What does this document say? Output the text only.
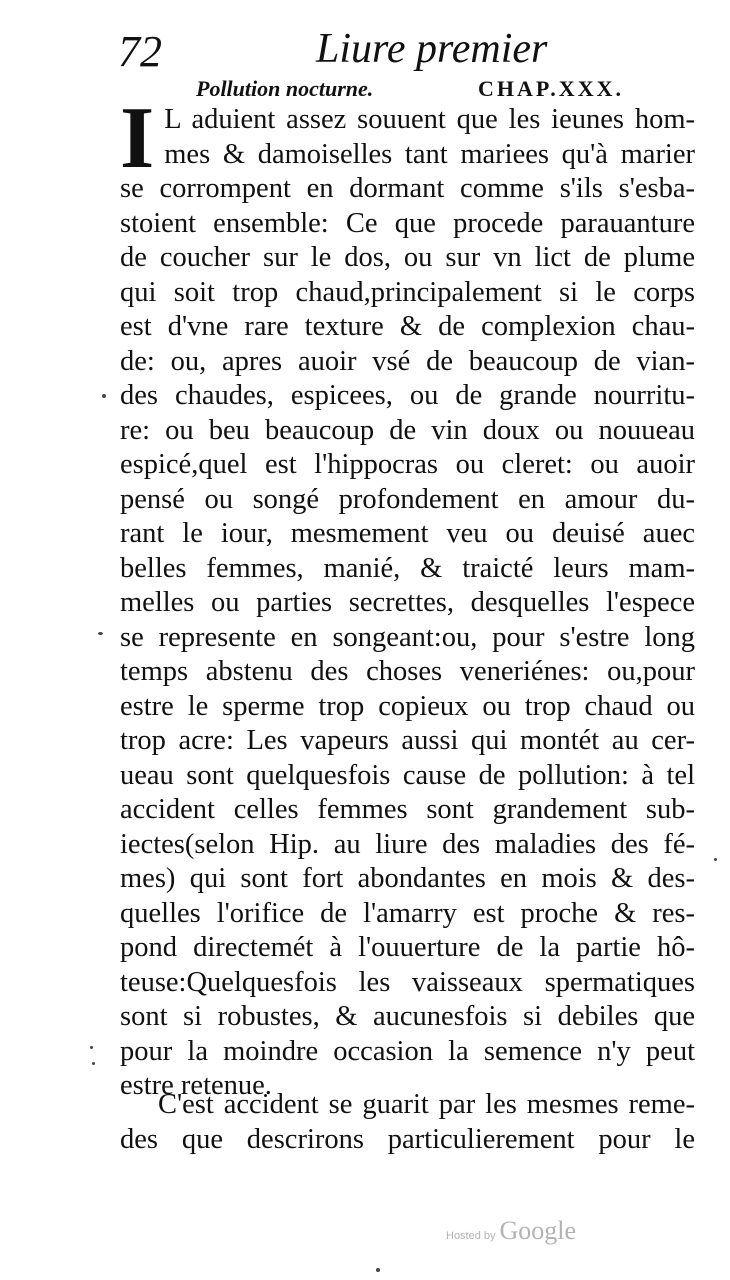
72	Liure premier
Pollution nocturne.	CHAP.XXX.
I L aduient assez souuent que les ieunes hom-
mes & damoiselles tant mariees qu'à marier
se corrompent en dormant comme s'ils s'esba-
stoient ensemble: Ce que procede parauanture
de coucher sur le dos, ou sur vn lict de plume
qui soit trop chaud,principalement si le corps
est d'vne rare texture & de complexion chau-
de: ou, apres auoir vsé de beaucoup de vian-
des chaudes, espicees, ou de grande nourritu-
re: ou beu beaucoup de vin doux ou nouueau
espicé,quel est l'hippocras ou cleret: ou auoir
pensé ou songé profondement en amour du-
rant le iour, mesmement veu ou deuisé auec
belles femmes, manié, & traicté leurs mam-
melles ou parties secrettes, desquelles l'espece
se represente en songeant:ou, pour s'estre long
temps abstenu des choses veneriénes: ou,pour
estre le sperme trop copieux ou trop chaud ou
trop acre: Les vapeurs aussi qui montét au cer-
ueau sont quelquesfois cause de pollution: à tel
accident celles femmes sont grandement sub-
iectes(selon Hip. au liure des maladies des fé-
mes) qui sont fort abondantes en mois & des-
quelles l'orifice de l'amarry est proche & res-
pond directemét à l'ouuerture de la partie hô-
teuse:Quelquesfois les vaisseaux spermatiques
sont si robustes, & aucunesfois si debiles que
pour la moindre occasion la semence n'y peut
estre retenue.
C'est accident se guarit par les mesmes reme-
des que descrirons particulierement pour le
Hosted by Google
